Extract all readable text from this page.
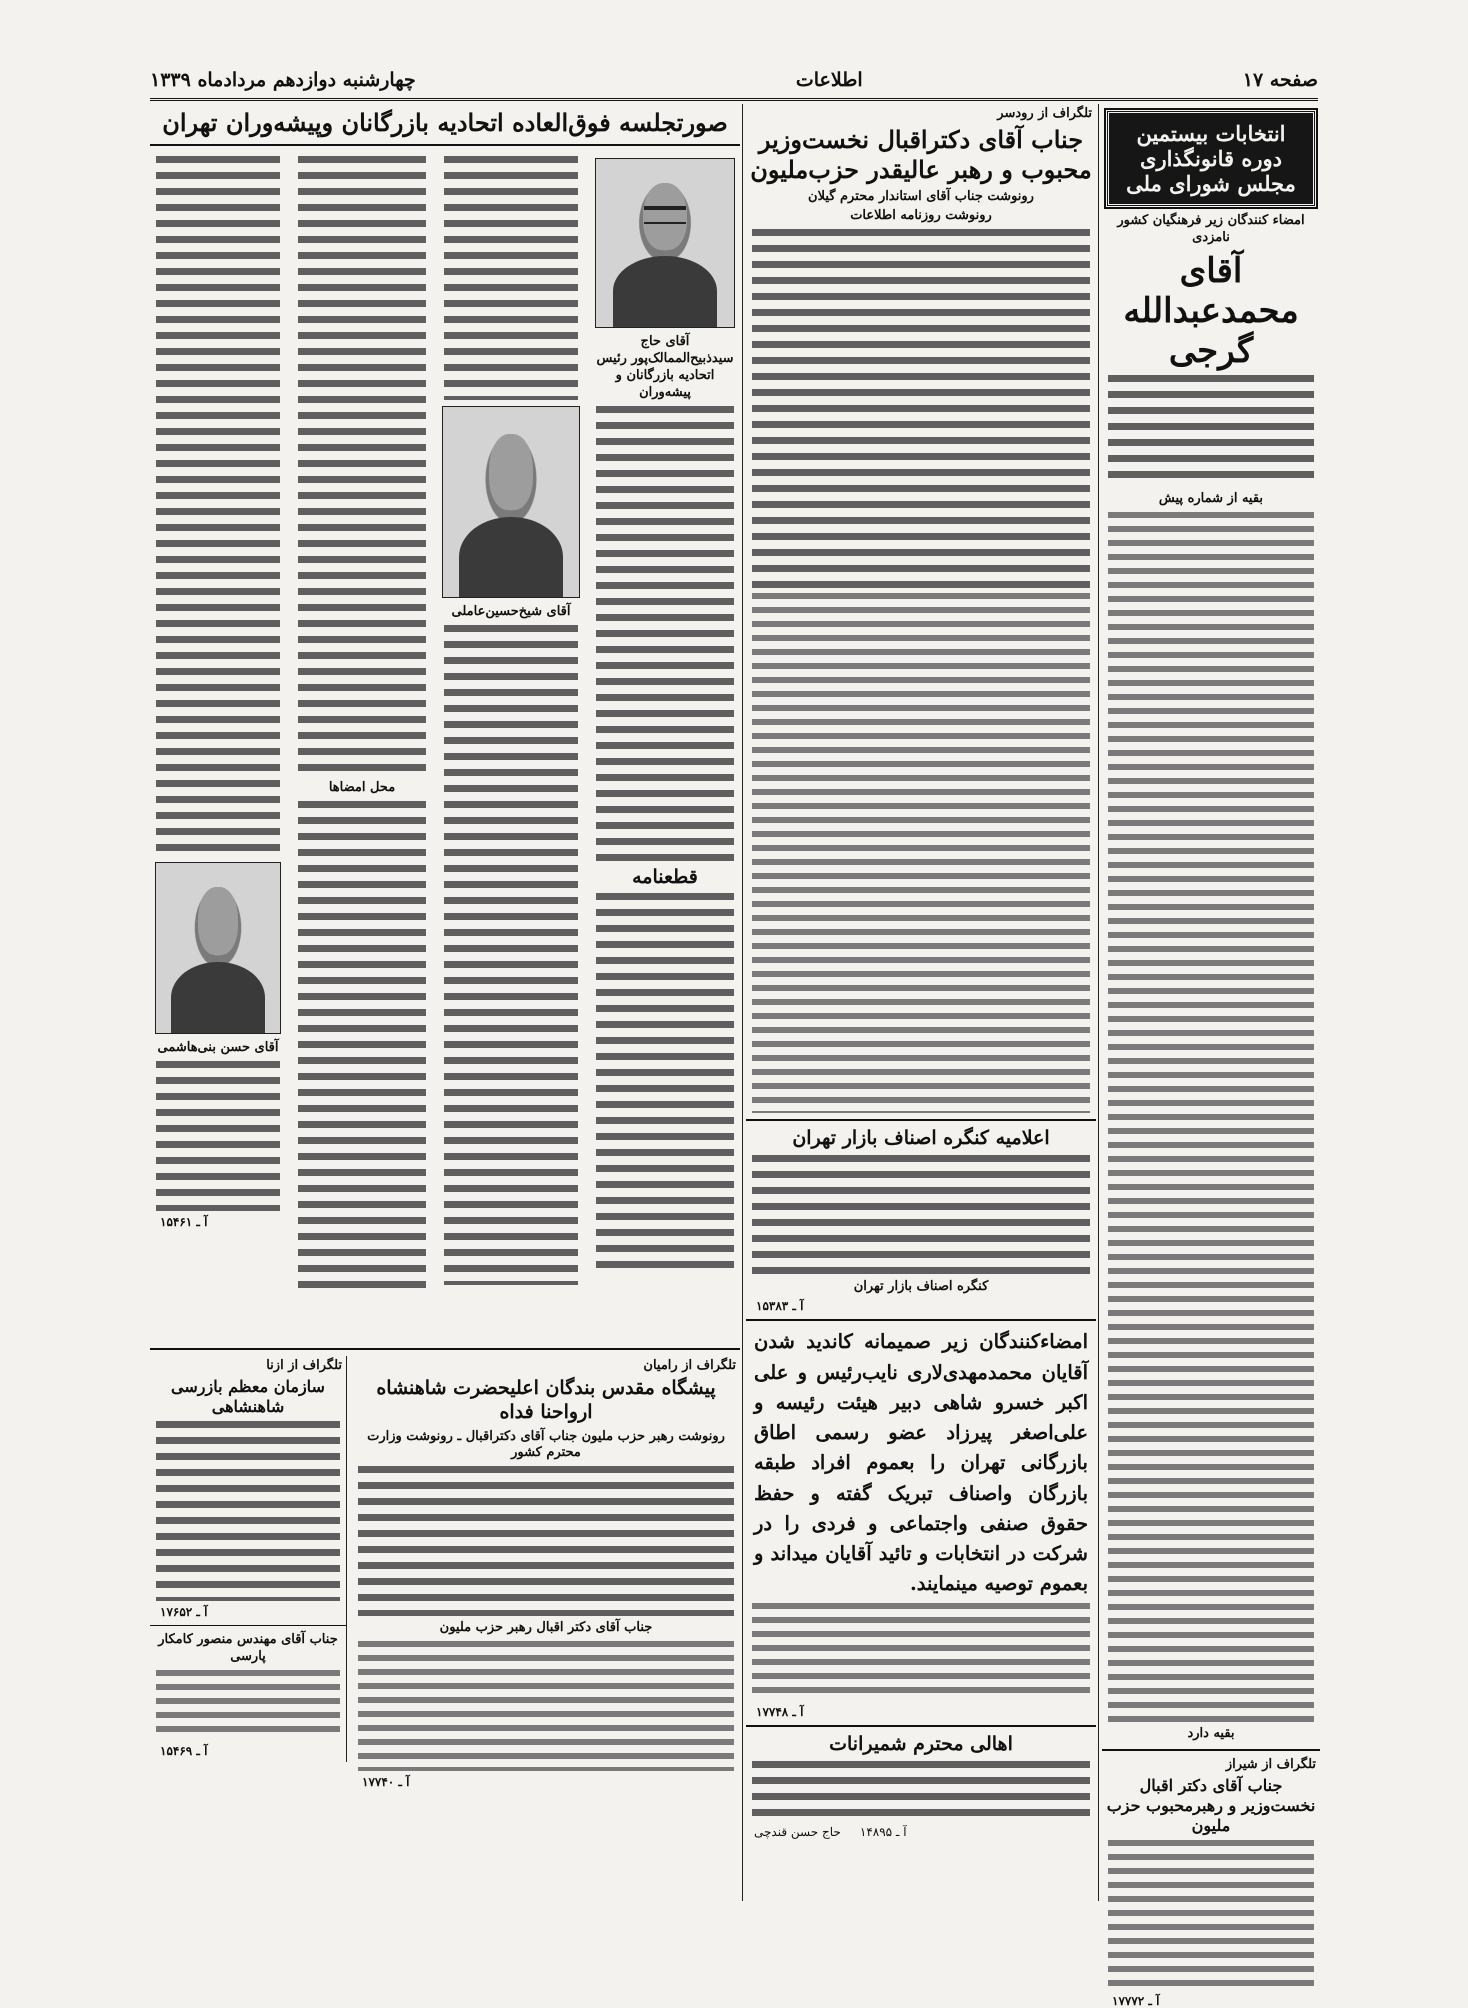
صفحه ۱۷
اطلاعات
چهارشنبه دوازدهم مردادماه ۱۳۳۹
انتخابات بیستمین دوره قانونگذاری مجلس شورای ملی
امضاء کنندگان زیر فرهنگیان کشور نامزدی
آقای محمدعبدالله گرجی
بقیه از شماره پیش
بقیه دارد
تلگراف از شیراز
جناب آقای دکتر اقبال نخست‌وزیر و رهبرمحبوب حزب ملیون
آ ـ ۱۷۷۷۲
تلگراف از رودسر
جناب آقای دکتراقبال نخست‌وزیر محبوب و رهبر عالیقدر حزب‌ملیون
رونوشت جناب آقای استاندار محترم گیلان
رونوشت روزنامه اطلاعات
اعلامیه کنگره اصناف بازار تهران
کنگره اصناف بازار تهران
آ ـ ۱۵۳۸۳
امضاءکنندگان زیر صمیمانه کاندید شدن آقایان محمدمهدی‌لاری نایب‌رئیس و علی اکبر خسرو شاهی دبیر هیئت رئیسه و علی‌اصغر پیرزاد عضو رسمی اطاق بازرگانی تهران را بعموم افراد طبقه بازرگان واصناف تبریک گفته و حفظ حقوق صنفی واجتماعی و فردی را در شرکت در انتخابات و تائید آقایان میداند و بعموم توصیه مینمایند.
آ ـ ۱۷۷۴۸
اهالی محترم شمیرانات
آ ـ ۱۴۸۹۵     حاج حسن قندچی
صورتجلسه فوق‌العاده اتحادیه بازرگانان وپیشه‌وران تهران
آقای حاج سیدذبیح‌الممالک‌پور رئیس اتحادیه بازرگانان و پیشه‌وران
قطعنامه
آقای شیخ‌حسین‌عاملی
محل امضاها
آقای حسن بنی‌هاشمی
آ ـ ۱۵۴۶۱
تلگراف از رامیان
پیشگاه مقدس بندگان اعلیحضرت شاهنشاه ارواحنا فداه
رونوشت رهبر حزب ملیون جناب آقای دکتراقبال ـ رونوشت وزارت محترم کشور
جناب آقای دکتر اقبال رهبر حزب ملیون
آ ـ ۱۷۷۴۰
تلگراف از ازنا
سازمان معظم بازرسی شاهنشاهی
آ ـ ۱۷۶۵۲
جناب آقای مهندس منصور کامکار پارسی
آ ـ ۱۵۴۶۹
